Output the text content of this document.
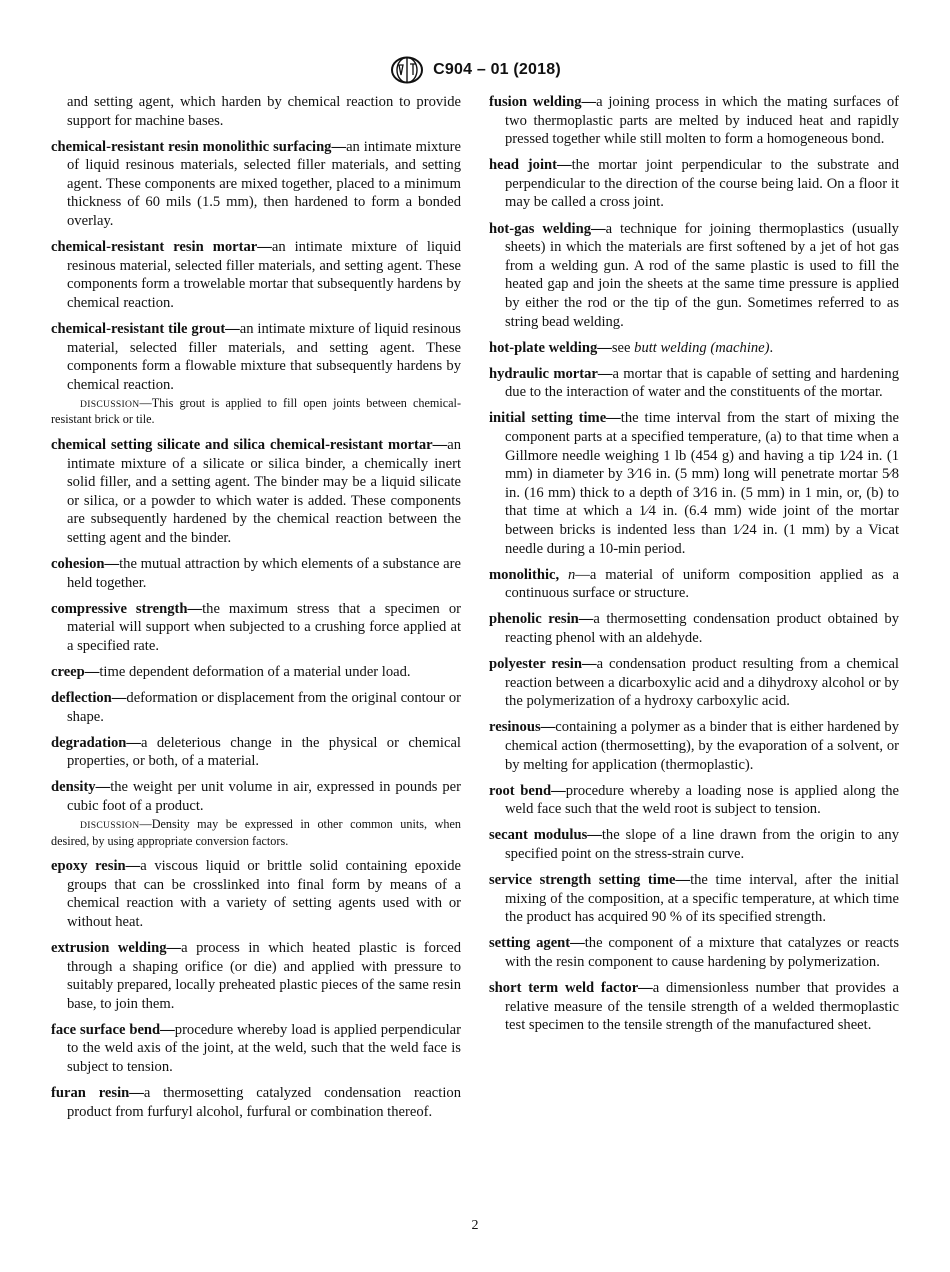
C904 – 01 (2018)

and setting agent, which harden by chemical reaction to provide support for machine bases.

chemical-resistant resin monolithic surfacing—an intimate mixture of liquid resinous materials, selected filler materials, and setting agent. These components are mixed together, placed to a minimum thickness of 60 mils (1.5 mm), then hardened to form a bonded overlay.

chemical-resistant resin mortar—an intimate mixture of liquid resinous material, selected filler materials, and setting agent. These components form a trowelable mortar that subsequently hardens by chemical reaction.

chemical-resistant tile grout—an intimate mixture of liquid resinous material, selected filler materials, and setting agent. These components form a flowable mixture that subsequently hardens by chemical reaction.

DISCUSSION—This grout is applied to fill open joints between chemical-resistant brick or tile.

chemical setting silicate and silica chemical-resistant mortar—an intimate mixture of a silicate or silica binder, a chemically inert solid filler, and a setting agent. The binder may be a liquid silicate or silica, or a powder to which water is added. These components are subsequently hardened by the chemical reaction between the setting agent and the binder.

cohesion—the mutual attraction by which elements of a substance are held together.

compressive strength—the maximum stress that a specimen or material will support when subjected to a crushing force applied at a specified rate.

creep—time dependent deformation of a material under load.

deflection—deformation or displacement from the original contour or shape.

degradation—a deleterious change in the physical or chemical properties, or both, of a material.

density—the weight per unit volume in air, expressed in pounds per cubic foot of a product.

DISCUSSION—Density may be expressed in other common units, when desired, by using appropriate conversion factors.

epoxy resin—a viscous liquid or brittle solid containing epoxide groups that can be crosslinked into final form by means of a chemical reaction with a variety of setting agents used with or without heat.

extrusion welding—a process in which heated plastic is forced through a shaping orifice (or die) and applied with pressure to suitably prepared, locally preheated plastic pieces of the same resin base, to join them.

face surface bend—procedure whereby load is applied perpendicular to the weld axis of the joint, at the weld, such that the weld face is subject to tension.

furan resin—a thermosetting catalyzed condensation reaction product from furfuryl alcohol, furfural or combination thereof.

fusion welding—a joining process in which the mating surfaces of two thermoplastic parts are melted by induced heat and rapidly pressed together while still molten to form a homogeneous bond.

head joint—the mortar joint perpendicular to the substrate and perpendicular to the direction of the course being laid. On a floor it may be called a cross joint.

hot-gas welding—a technique for joining thermoplastics (usually sheets) in which the materials are first softened by a jet of hot gas from a welding gun. A rod of the same plastic is used to fill the heated gap and join the sheets at the same time pressure is applied by either the rod or the tip of the gun. Sometimes referred to as string bead welding.

hot-plate welding—see butt welding (machine).

hydraulic mortar—a mortar that is capable of setting and hardening due to the interaction of water and the constituents of the mortar.

initial setting time—the time interval from the start of mixing the component parts at a specified temperature, (a) to that time when a Gillmore needle weighing 1 lb (454 g) and having a tip 1⁄24 in. (1 mm) in diameter by 3⁄16 in. (5 mm) long will penetrate mortar 5⁄8 in. (16 mm) thick to a depth of 3⁄16 in. (5 mm) in 1 min, or, (b) to that time at which a 1⁄4 in. (6.4 mm) wide joint of the mortar between bricks is indented less than 1⁄24 in. (1 mm) by a Vicat needle during a 10-min period.

monolithic, n—a material of uniform composition applied as a continuous surface or structure.

phenolic resin—a thermosetting condensation product obtained by reacting phenol with an aldehyde.

polyester resin—a condensation product resulting from a chemical reaction between a dicarboxylic acid and a dihydroxy alcohol or by the polymerization of a hydroxy carboxylic acid.

resinous—containing a polymer as a binder that is either hardened by chemical action (thermosetting), by the evaporation of a solvent, or by melting for application (thermoplastic).

root bend—procedure whereby a loading nose is applied along the weld face such that the weld root is subject to tension.

secant modulus—the slope of a line drawn from the origin to any specified point on the stress-strain curve.

service strength setting time—the time interval, after the initial mixing of the composition, at a specific temperature, at which time the product has acquired 90 % of its specified strength.

setting agent—the component of a mixture that catalyzes or reacts with the resin component to cause hardening by polymerization.

short term weld factor—a dimensionless number that provides a relative measure of the tensile strength of a welded thermoplastic test specimen to the tensile strength of the manufactured sheet.

2
